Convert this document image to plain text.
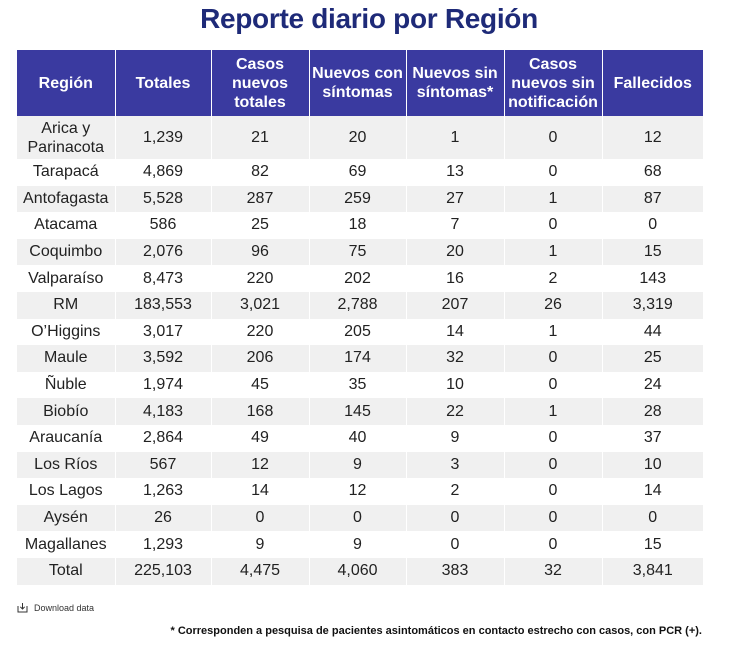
Reporte diario por Región
Región	Totales	Casos nuevos totales	Nuevos con síntomas	Nuevos sin síntomas*	Casos nuevos sin notificación	Fallecidos
Arica y Parinacota	1,239	21	20	1	0	12
Tarapacá	4,869	82	69	13	0	68
Antofagasta	5,528	287	259	27	1	87
Atacama	586	25	18	7	0	0
Coquimbo	2,076	96	75	20	1	15
Valparaíso	8,473	220	202	16	2	143
RM	183,553	3,021	2,788	207	26	3,319
O’Higgins	3,017	220	205	14	1	44
Maule	3,592	206	174	32	0	25
Ñuble	1,974	45	35	10	0	24
Biobío	4,183	168	145	22	1	28
Araucanía	2,864	49	40	9	0	37
Los Ríos	567	12	9	3	0	10
Los Lagos	1,263	14	12	2	0	14
Aysén	26	0	0	0	0	0
Magallanes	1,293	9	9	0	0	15
Total	225,103	4,475	4,060	383	32	3,841
Download data
* Corresponden a pesquisa de pacientes asintomáticos en contacto estrecho con casos, con PCR (+).
